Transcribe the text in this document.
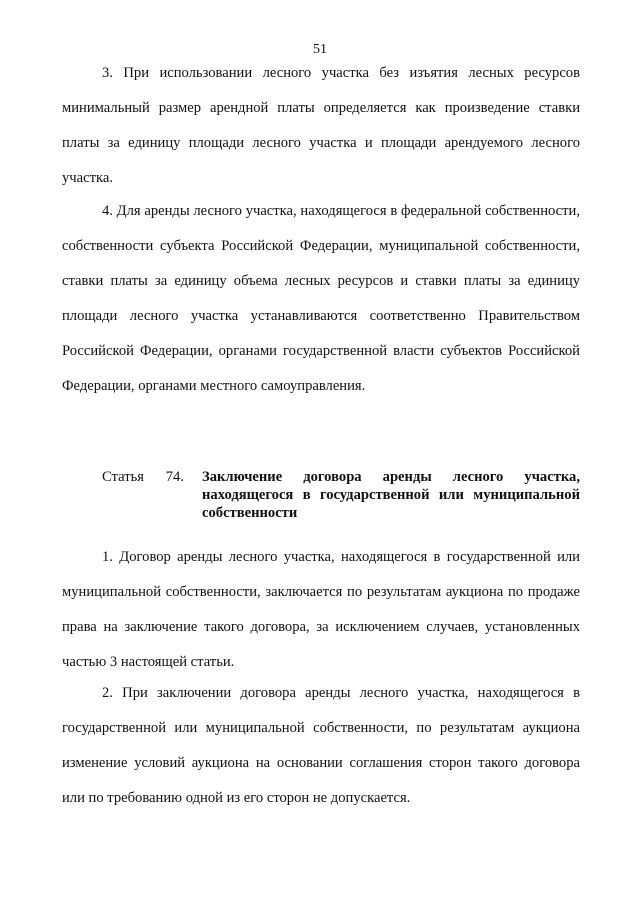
51

3. При использовании лесного участка без изъятия лесных ресурсов минимальный размер арендной платы определяется как произведение ставки платы за единицу площади лесного участка и площади арендуемого лесного участка.

4. Для аренды лесного участка, находящегося в федеральной собственности, собственности субъекта Российской Федерации, муниципальной собственности, ставки платы за единицу объема лесных ресурсов и ставки платы за единицу площади лесного участка устанавливаются соответственно Правительством Российской Федерации, органами государственной власти субъектов Российской Федерации, органами местного самоуправления.

Статья 74. Заключение договора аренды лесного участка, находящегося в государственной или муниципальной собственности

1. Договор аренды лесного участка, находящегося в государственной или муниципальной собственности, заключается по результатам аукциона по продаже права на заключение такого договора, за исключением случаев, установленных частью 3 настоящей статьи.

2. При заключении договора аренды лесного участка, находящегося в государственной или муниципальной собственности, по результатам аукциона изменение условий аукциона на основании соглашения сторон такого договора или по требованию одной из его сторон не допускается.
